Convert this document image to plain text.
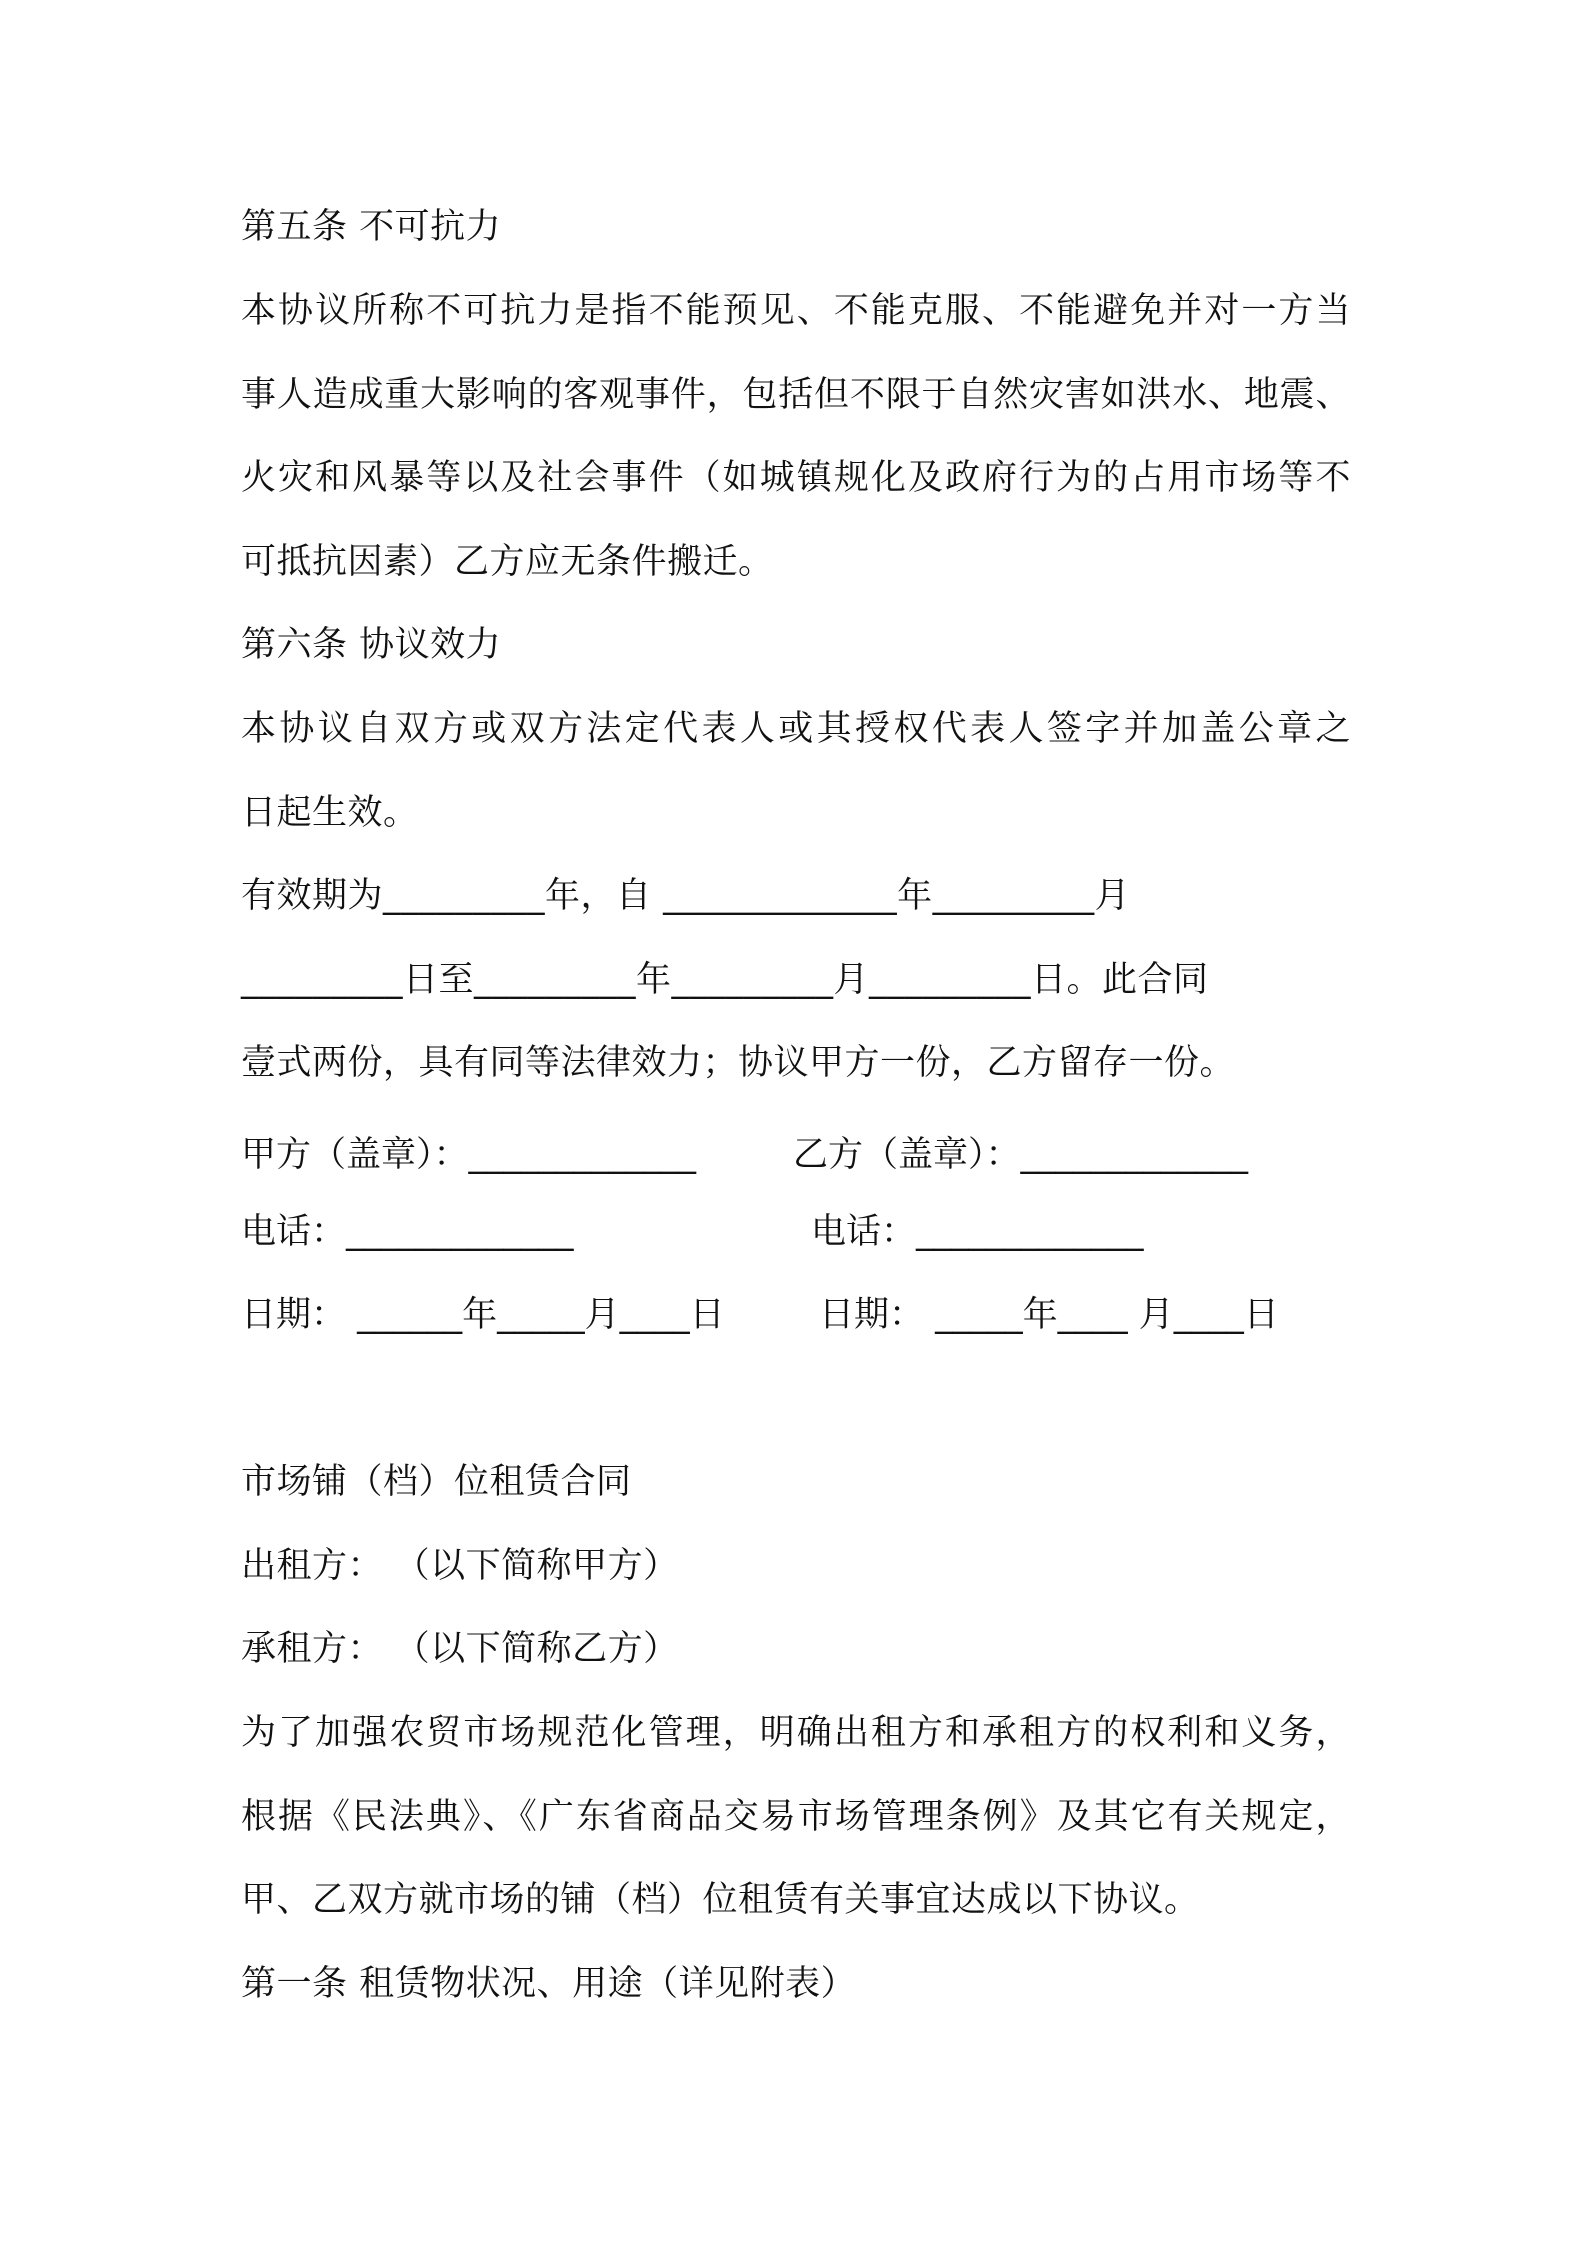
第五条 不可抗力
本协议所称不可抗力是指不能预见、不能克服、不能避免并对一方当
事人造成重大影响的客观事件，包括但不限于自然灾害如洪水、地震、
火灾和风暴等以及社会事件（如城镇规化及政府行为的占用市场等不
可抵抗因素）乙方应无条件搬迁。
第六条 协议效力
本协议自双方或双方法定代表人或其授权代表人签字并加盖公章之
日起生效。
有效期为_________年，自 _____________年_________月
_________日至_________年_________月_________日。此合同
壹式两份，具有同等法律效力；协议甲方一份，乙方留存一份。
甲方（盖章）：_____________	乙方（盖章）：_____________
电话：_____________	电话：_____________
日期： ______年_____月____日	日期： _____年____ 月____日
市场铺（档）位租赁合同
出租方： （以下简称甲方）
承租方： （以下简称乙方）
为了加强农贸市场规范化管理，明确出租方和承租方的权利和义务，
根据《民法典》、《广东省商品交易市场管理条例》及其它有关规定，
甲、乙双方就市场的铺（档）位租赁有关事宜达成以下协议。
第一条 租赁物状况、用途（详见附表）
